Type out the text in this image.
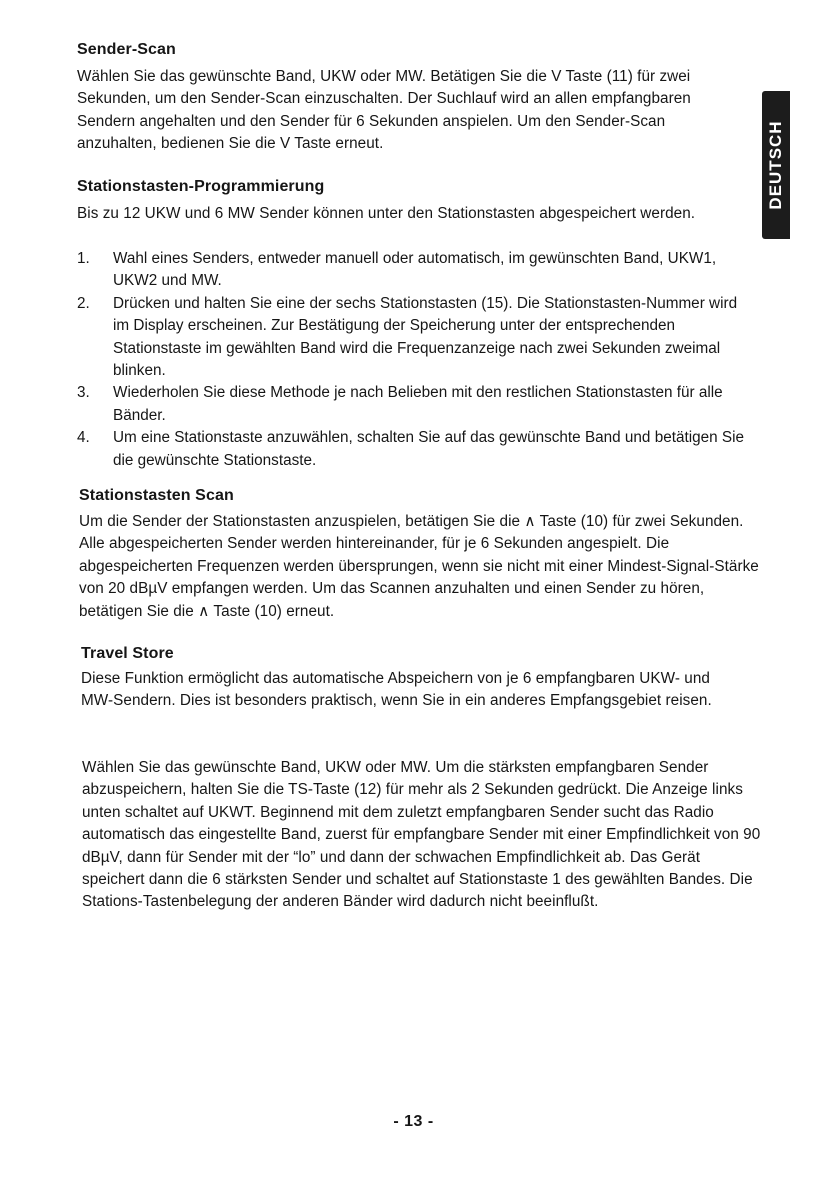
DEUTSCH
Sender-Scan
Wählen Sie das gewünschte Band, UKW oder MW. Betätigen Sie die V Taste (11) für zwei Sekunden, um den Sender-Scan einzuschalten. Der Suchlauf wird an allen empfangbaren Sendern angehalten und den Sender für 6 Sekunden anspielen. Um den Sender-Scan anzuhalten, bedienen Sie die V Taste erneut.
Stationstasten-Programmierung
Bis zu 12 UKW und 6 MW Sender können unter den Stationstasten abgespeichert werden.
1.	Wahl eines Senders, entweder manuell oder automatisch, im gewünschten Band, UKW1, UKW2 und MW.
2.	Drücken und halten Sie eine der sechs Stationstasten (15). Die Stationstasten-Nummer wird im Display erscheinen. Zur Bestätigung der Speicherung unter der entsprechenden Stationstaste im gewählten Band wird die Frequenzanzeige nach zwei Sekunden zweimal blinken.
3.	Wiederholen Sie diese Methode je nach Belieben mit den restlichen Stationstasten für alle Bänder.
4.	Um eine Stationstaste anzuwählen, schalten Sie auf das gewünschte Band und betätigen Sie die gewünschte Stationstaste.
Stationstasten Scan
Um die Sender der Stationstasten anzuspielen, betätigen Sie die ∧ Taste (10) für zwei Sekunden. Alle abgespeicherten Sender werden hintereinander, für je 6 Sekunden angespielt. Die abgespeicherten Frequenzen werden übersprungen, wenn sie nicht mit einer Mindest-Signal-Stärke von 20 dBµV empfangen werden. Um das Scannen anzuhalten und einen Sender zu hören, betätigen Sie die ∧ Taste (10) erneut.
Travel Store
Diese Funktion ermöglicht das automatische Abspeichern von je 6 empfangbaren UKW- und MW-Sendern. Dies ist besonders praktisch, wenn Sie in ein anderes Empfangsgebiet reisen.
Wählen Sie das gewünschte Band, UKW oder MW. Um die stärksten empfangbaren Sender abzuspeichern, halten Sie die TS-Taste (12) für mehr als 2 Sekunden gedrückt. Die Anzeige links unten schaltet auf UKWT. Beginnend mit dem zuletzt empfangbaren Sender sucht das Radio automatisch das eingestellte Band, zuerst für empfangbare Sender mit einer Empfindlichkeit von 90 dBµV, dann für Sender mit der “lo” und dann der schwachen Empfindlichkeit ab. Das Gerät speichert dann die 6 stärksten Sender und schaltet auf Stationstaste 1 des gewählten Bandes. Die Stations-Tastenbelegung der anderen Bänder wird dadurch nicht beeinflußt.
- 13 -
